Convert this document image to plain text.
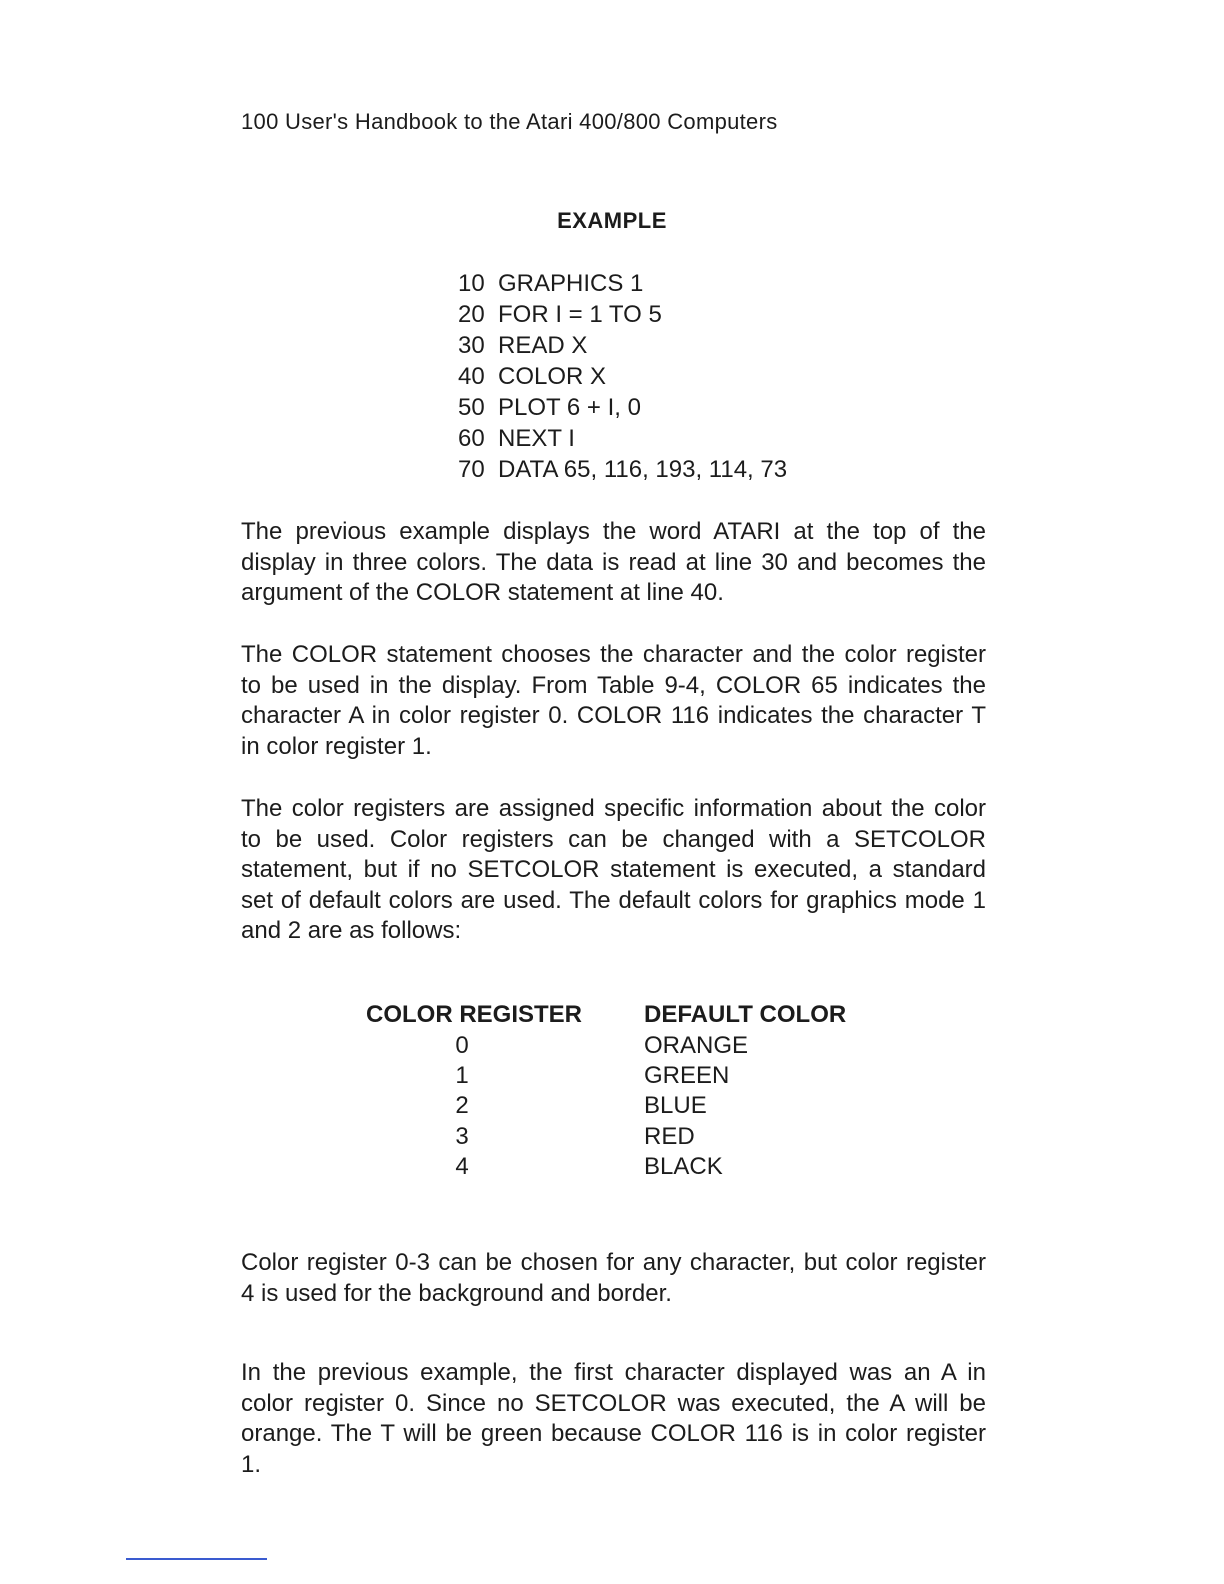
100 User's Handbook to the Atari 400/800 Computers
EXAMPLE
10 GRAPHICS 1
20 FOR I = 1 TO 5
30 READ X
40 COLOR X
50 PLOT 6 + I, 0
60 NEXT I
70 DATA 65, 116, 193, 114, 73

The previous example displays the word ATARI at the top of the display in three colors. The data is read at line 30 and becomes the argument of the COLOR statement at line 40.

The COLOR statement chooses the character and the color register to be used in the display. From Table 9-4, COLOR 65 indicates the character A in color register 0. COLOR 116 indicates the character T in color register 1.

The color registers are assigned specific information about the color to be used. Color registers can be changed with a SETCOLOR statement, but if no SETCOLOR statement is executed, a standard set of default colors are used. The default colors for graphics mode 1 and 2 are as follows:

COLOR REGISTER	DEFAULT COLOR
0	ORANGE
1	GREEN
2	BLUE
3	RED
4	BLACK

Color register 0-3 can be chosen for any character, but color register 4 is used for the background and border.

In the previous example, the first character displayed was an A in color register 0. Since no SETCOLOR was executed, the A will be orange. The T will be green because COLOR 116 is in color register 1.
